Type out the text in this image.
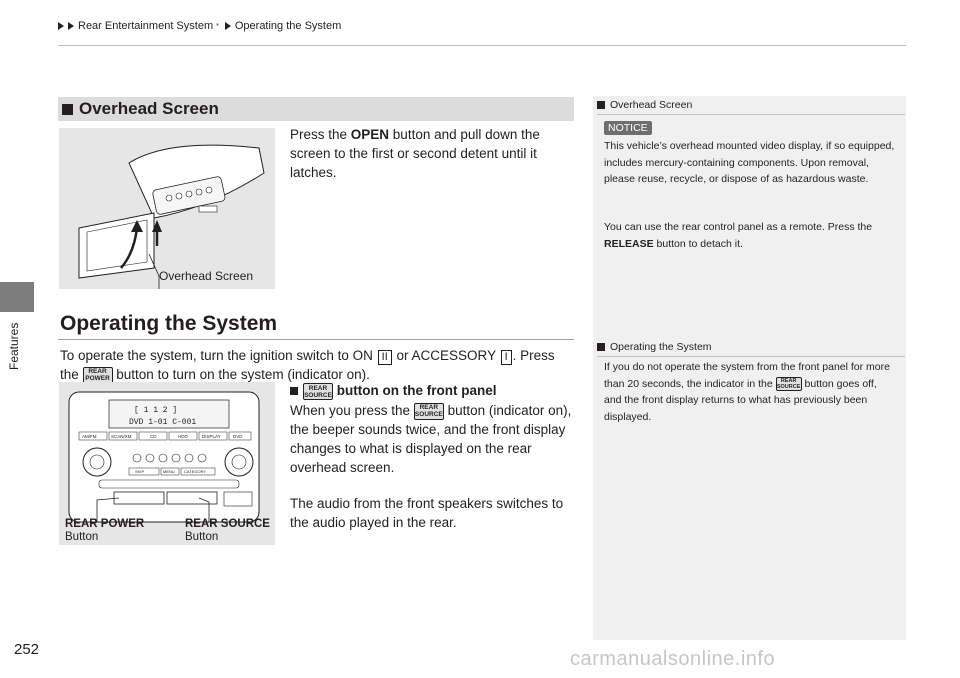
Features
252
Rear Entertainment System * Operating the System
Overhead Screen
Overhead Screen
Press the OPEN button and pull down the screen to the first or second detent until it latches.
Operating the System
To operate the system, turn the ignition switch to ON II or ACCESSORY I . Press
the REAR
POWER button to turn on the system (indicator on).
[ 1 1 2 ]
DVD 1-01 C-001
AM/FM	SCAN/XM	CD	HDD	DISPLAY	DVD
SKIP	MENU CATEGORY
REAR POWER
Button
REAR SOURCE
Button
REAR
SOURCE button on the front panel
When you press the REAR
SOURCE button (indicator on), the beeper sounds twice, and the front display changes to what is displayed on the rear overhead screen.
The audio from the front speakers switches to the audio played in the rear.
Overhead Screen
NOTICE
This vehicle’s overhead mounted video display, if so equipped, includes mercury-containing components. Upon removal, please reuse, recycle, or dispose of as hazardous waste.
You can use the rear control panel as a remote. Press the RELEASE button to detach it.
Operating the System
If you do not operate the system from the front panel for more than 20 seconds, the indicator in the REAR
SOURCE button goes off, and the front display returns to what has previously been displayed.
carmanualsonline.info
